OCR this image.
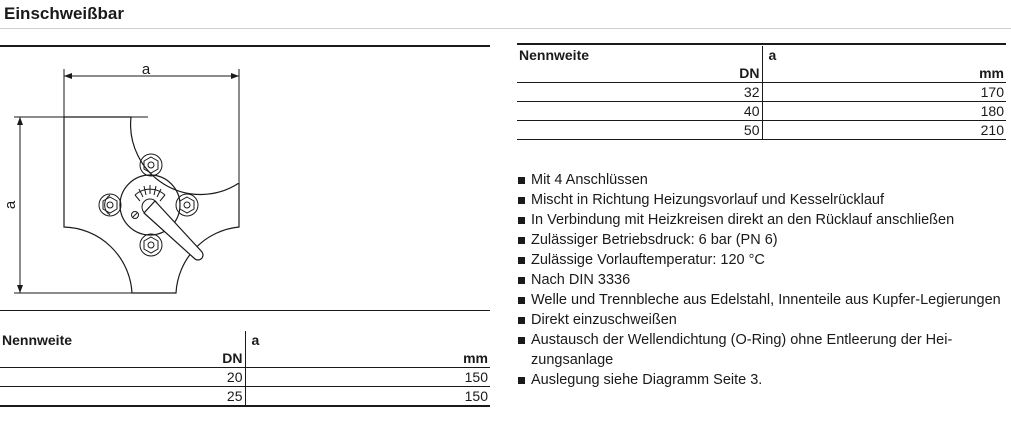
Einschweißbar
a
a
Nennweite	a
DN	mm
20	150
25	150
Nennweite	a
DN	mm
32	170
40	180
50	210
Mit 4 Anschlüssen
Mischt in Richtung Heizungsvorlauf und Kesselrücklauf
In Verbindung mit Heizkreisen direkt an den Rücklauf anschließen
Zulässiger Betriebsdruck: 6 bar (PN 6)
Zulässige Vorlauftemperatur: 120 °C
Nach DIN 3336
Welle und Trennbleche aus Edelstahl, Innenteile aus Kupfer-Legierungen
Direkt einzuschweißen
Austausch der Wellendichtung (O-Ring) ohne Entleerung der Heizungsanlage
Auslegung siehe Diagramm Seite 3.
